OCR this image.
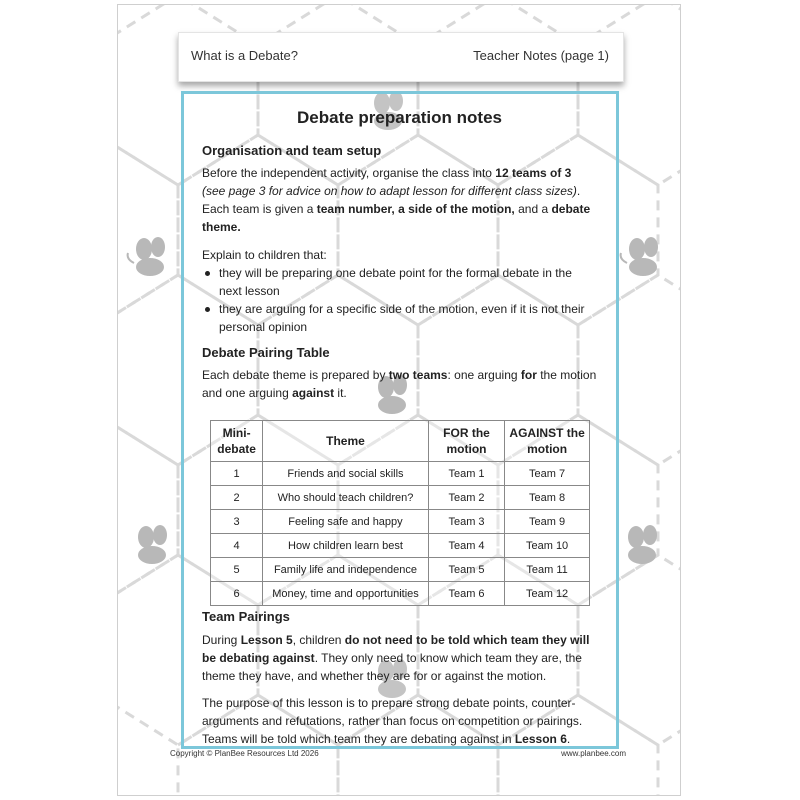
What is a Debate?	Teacher Notes (page 1)
Debate preparation notes

Organisation and team setup

Before the independent activity, organise the class into 12 teams of 3 (see page 3 for advice on how to adapt lesson for different class sizes). Each team is given a team number, a side of the motion, and a debate theme.

Explain to children that:

they will be preparing one debate point for the formal debate in the next lesson
they are arguing for a specific side of the motion, even if it is not their personal opinion

Debate Pairing Table

Each debate theme is prepared by two teams: one arguing for the motion and one arguing against it.

Mini-debate	Theme	FOR the motion	AGAINST the motion
1	Friends and social skills	Team 1	Team 7
2	Who should teach children?	Team 2	Team 8
3	Feeling safe and happy	Team 3	Team 9
4	How children learn best	Team 4	Team 10
5	Family life and independence	Team 5	Team 11
6	Money, time and opportunities	Team 6	Team 12

Team Pairings

During Lesson 5, children do not need to be told which team they will be debating against. They only need to know which team they are, the theme they have, and whether they are for or against the motion.

The purpose of this lesson is to prepare strong debate points, counter-arguments and refutations, rather than focus on competition or pairings. Teams will be told which team they are debating against in Lesson 6.

Copyright © PlanBee Resources Ltd 2026	www.planbee.com
